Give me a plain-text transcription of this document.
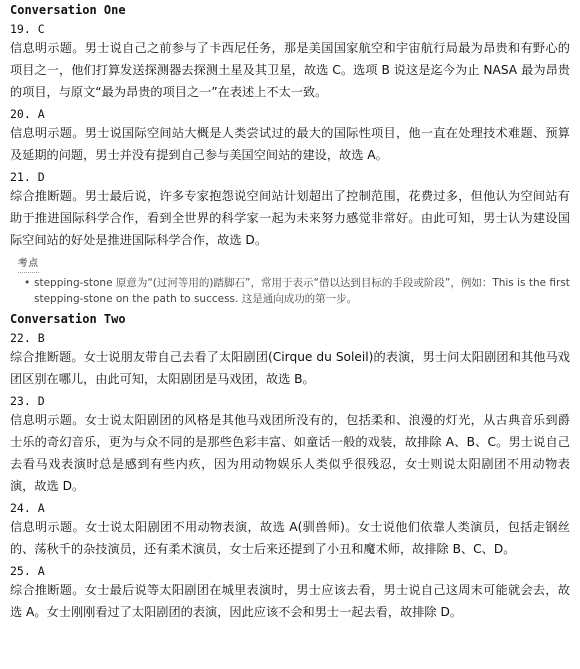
Conversation One
19. C

信息明示题。男士说自己之前参与了卡西尼任务，那是美国国家航空和宇宙航行局最为昂贵和有野心的项目之一，他们打算发送探测器去探测土星及其卫星，故选 C。选项 B 说这是迄今为止 NASA 最为昂贵的项目，与原文“最为昂贵的项目之一”在表述上不太一致。

20. A

信息明示题。男士说国际空间站大概是人类尝试过的最大的国际性项目，他一直在处理技术难题、预算及延期的问题，男士并没有提到自己参与美国空间站的建设，故选 A。

21. D

综合推断题。男士最后说，许多专家抱怨说空间站计划超出了控制范围，花费过多，但他认为空间站有助于推进国际科学合作，看到全世界的科学家一起为未来努力感觉非常好。由此可知，男士认为建设国际空间站的好处是推进国际科学合作，故选 D。

考点
• stepping-stone 原意为“(过河等用的)踏脚石”，常用于表示“借以达到目标的手段或阶段”，例如：This is the first stepping-stone on the path to success. 这是通向成功的第一步。
Conversation Two
22. B

综合推断题。女士说朋友带自己去看了太阳剧团(Cirque du Soleil)的表演，男士问太阳剧团和其他马戏团区别在哪儿，由此可知，太阳剧团是马戏团，故选 B。

23. D

信息明示题。女士说太阳剧团的风格是其他马戏团所没有的，包括柔和、浪漫的灯光，从古典音乐到爵士乐的奇幻音乐，更为与众不同的是那些色彩丰富、如童话一般的戏装，故排除 A、B、C。男士说自己去看马戏表演时总是感到有些内疚，因为用动物娱乐人类似乎很残忍，女士则说太阳剧团不用动物表演，故选 D。

24. A

信息明示题。女士说太阳剧团不用动物表演，故选 A(驯兽师)。女士说他们依靠人类演员，包括走钢丝的、荡秋千的杂技演员，还有柔术演员，女士后来还提到了小丑和魔术师，故排除 B、C、D。

25. A

综合推断题。女士最后说等太阳剧团在城里表演时，男士应该去看，男士说自己这周末可能就会去，故选 A。女士刚刚看过了太阳剧团的表演，因此应该不会和男士一起去看，故排除 D。
